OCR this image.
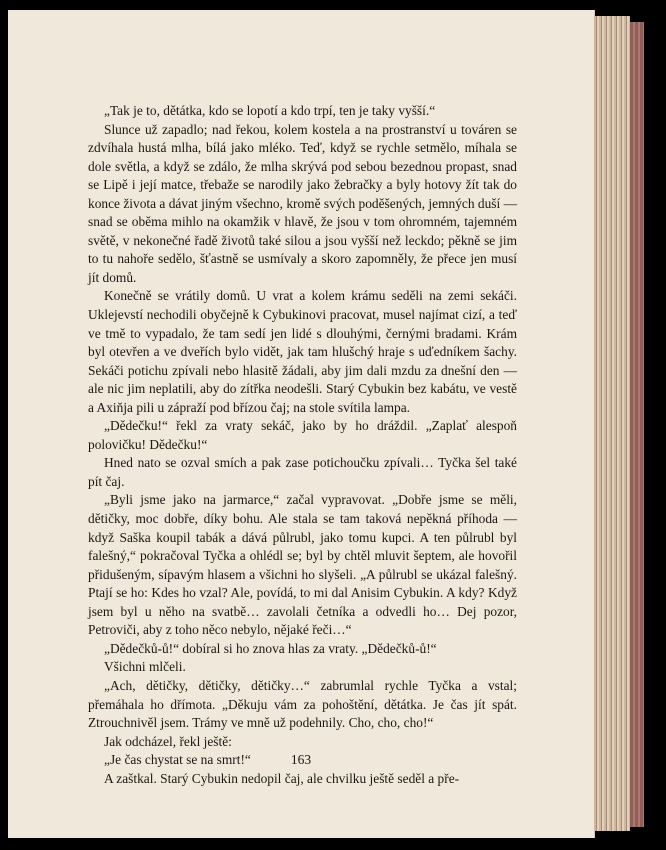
„Tak je to, dětátka, kdo se lopotí a kdo trpí, ten je taky vyšší.“

Slunce už zapadlo; nad řekou, kolem kostela a na prostranství u továren se zdvíhala hustá mlha, bílá jako mléko. Teď, když se rychle setmělo, míhala se dole světla, a když se zdálo, že mlha skrývá pod sebou bezednou propast, snad se Lipě i její matce, třebaže se narodily jako žebračky a byly hotovy žít tak do konce života a dávat jiným všechno, kromě svých poděšených, jemných duší — snad se oběma mihlo na okamžik v hlavě, že jsou v tom ohromném, tajemném světě, v nekonečné řadě životů také silou a jsou vyšší než leckdo; pěkně se jim to tu nahoře sedělo, šťastně se usmívaly a skoro zapomněly, že přece jen musí jít domů.

Konečně se vrátily domů. U vrat a kolem krámu seděli na zemi sekáči. Uklejevstí nechodili obyčejně k Cybukinovi pracovat, musel najímat cizí, a teď ve tmě to vypadalo, že tam sedí jen lidé s dlouhými, černými bradami. Krám byl otevřen a ve dveřích bylo vidět, jak tam hlušchý hraje s uďedníkem šachy. Sekáči potichu zpívali nebo hlasitě žádali, aby jim dali mzdu za dnešní den — ale nic jim neplatili, aby do zítřka neodešli. Starý Cybukin bez kabátu, ve vestě a Axiňja pili u zápraží pod břízou čaj; na stole svítila lampa.

„Dědečku!“ řekl za vraty sekáč, jako by ho dráždil. „Zaplať alespoň polovičku! Dědečku!“

Hned nato se ozval smích a pak zase potichoučku zpívali… Tyčka šel také pít čaj.

„Byli jsme jako na jarmarce,“ začal vypravovat. „Dobře jsme se měli, dětičky, moc dobře, díky bohu. Ale stala se tam taková nepěkná příhoda — když Saška koupil tabák a dává půlrubl, jako tomu kupci. A ten půlrubl byl falešný,“ pokračoval Tyčka a ohlédl se; byl by chtěl mluvit šeptem, ale hovořil přidušeným, sípavým hlasem a všichni ho slyšeli. „A půlrubl se ukázal falešný. Ptají se ho: Kdes ho vzal? Ale, povídá, to mi dal Anisim Cybukin. A kdy? Když jsem byl u něho na svatbě… zavolali četníka a odvedli ho… Dej pozor, Petroviči, aby z toho něco nebylo, nějaké řeči…“

„Dědečků-ů!“ dobíral si ho znova hlas za vraty. „Dědečků-ů!“

Všichni mlčeli.

„Ach, dětičky, dětičky, dětičky…“ zabrumlal rychle Tyčka a vstal; přemáhala ho dřímota. „Děkuju vám za pohoštění, dětátka. Je čas jít spát. Ztrouchnivěl jsem. Trámy ve mně už podehnily. Cho, cho, cho!“

Jak odcházel, řekl ještě:

„Je čas chystat se na smrt!“

A zaštkal. Starý Cybukin nedopil čaj, ale chvilku ještě seděl a pře-

163
